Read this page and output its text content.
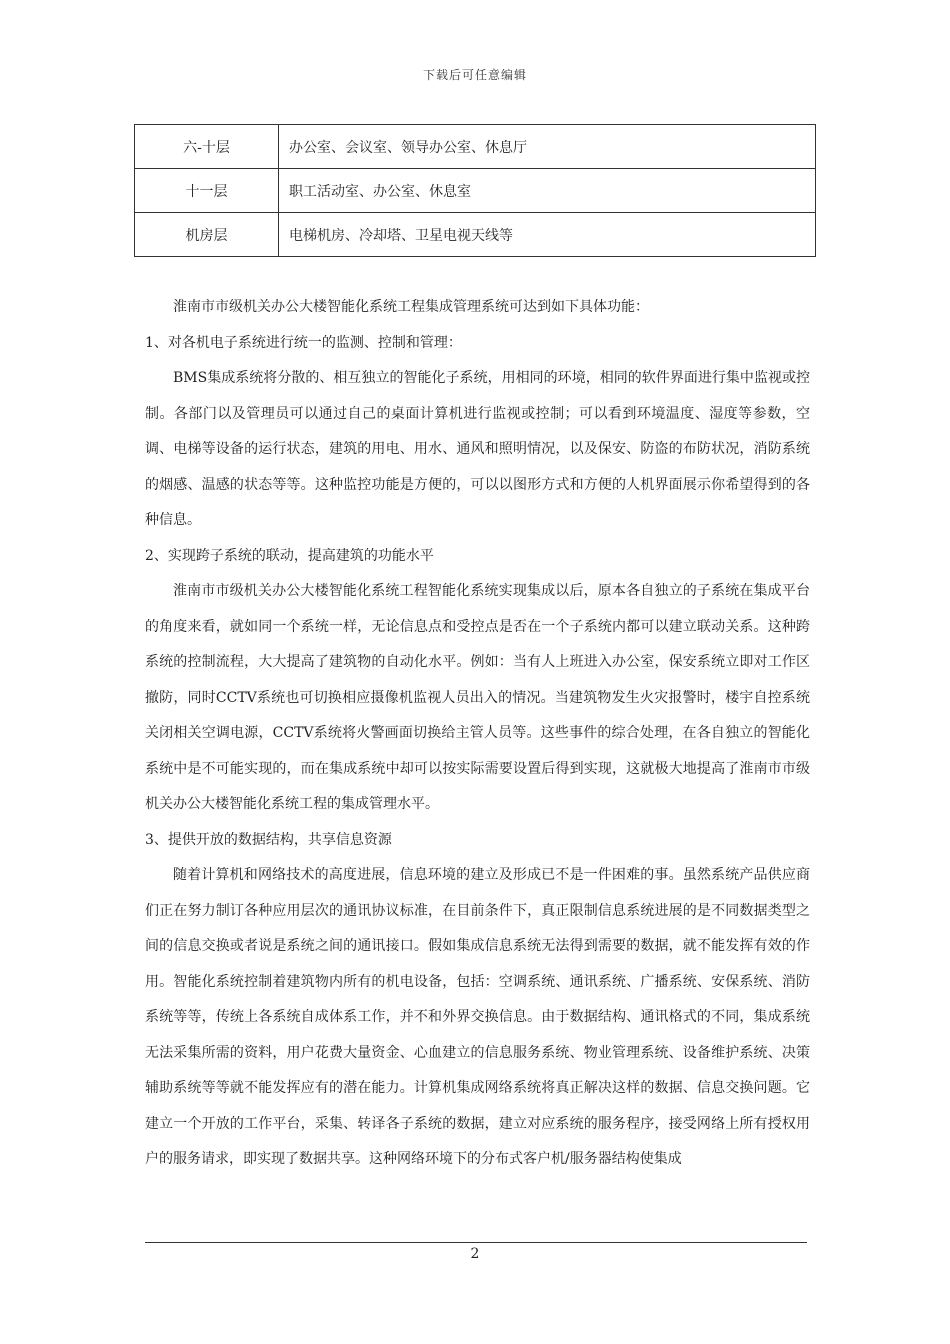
下载后可任意编辑
六-十层	办公室、会议室、领导办公室、休息厅
十一层	职工活动室、办公室、休息室
机房层	电梯机房、冷却塔、卫星电视天线等

淮南市市级机关办公大楼智能化系统工程集成管理系统可达到如下具体功能：

1、对各机电子系统进行统一的监测、控制和管理：

BMS集成系统将分散的、相互独立的智能化子系统，用相同的环境，相同的软件界面进行集中监视或控制。各部门以及管理员可以通过自己的桌面计算机进行监视或控制；可以看到环境温度、湿度等参数，空调、电梯等设备的运行状态，建筑的用电、用水、通风和照明情况，以及保安、防盗的布防状况，消防系统的烟感、温感的状态等等。这种监控功能是方便的，可以以图形方式和方便的人机界面展示你希望得到的各种信息。

2、实现跨子系统的联动，提高建筑的功能水平

淮南市市级机关办公大楼智能化系统工程智能化系统实现集成以后，原本各自独立的子系统在集成平台的角度来看，就如同一个系统一样，无论信息点和受控点是否在一个子系统内都可以建立联动关系。这种跨系统的控制流程，大大提高了建筑物的自动化水平。例如：当有人上班进入办公室，保安系统立即对工作区撤防，同时CCTV系统也可切换相应摄像机监视人员出入的情况。当建筑物发生火灾报警时，楼宇自控系统关闭相关空调电源，CCTV系统将火警画面切换给主管人员等。这些事件的综合处理，在各自独立的智能化系统中是不可能实现的，而在集成系统中却可以按实际需要设置后得到实现，这就极大地提高了淮南市市级机关办公大楼智能化系统工程的集成管理水平。

3、提供开放的数据结构，共享信息资源

随着计算机和网络技术的高度进展，信息环境的建立及形成已不是一件困难的事。虽然系统产品供应商们正在努力制订各种应用层次的通讯协议标准，在目前条件下，真正限制信息系统进展的是不同数据类型之间的信息交换或者说是系统之间的通讯接口。假如集成信息系统无法得到需要的数据，就不能发挥有效的作用。智能化系统控制着建筑物内所有的机电设备，包括：空调系统、通讯系统、广播系统、安保系统、消防系统等等，传统上各系统自成体系工作，并不和外界交换信息。由于数据结构、通讯格式的不同，集成系统无法采集所需的资料，用户花费大量资金、心血建立的信息服务系统、物业管理系统、设备维护系统、决策辅助系统等等就不能发挥应有的潜在能力。计算机集成网络系统将真正解决这样的数据、信息交换问题。它建立一个开放的工作平台，采集、转译各子系统的数据，建立对应系统的服务程序，接受网络上所有授权用户的服务请求，即实现了数据共享。这种网络环境下的分布式客户机/服务器结构使集成

2
